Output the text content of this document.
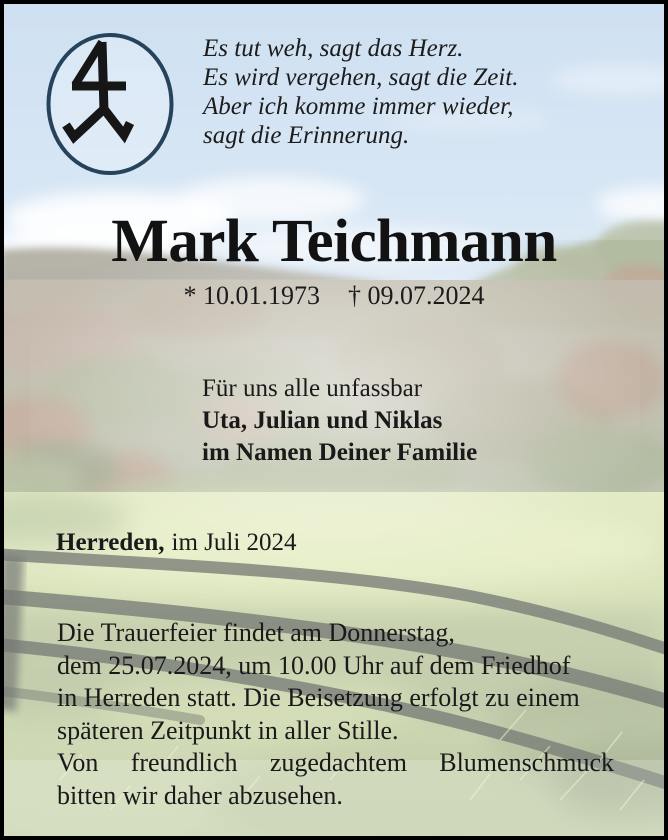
Es tut weh, sagt das Herz.
Es wird vergehen, sagt die Zeit.
Aber ich komme immer wieder,
sagt die Erinnerung.
Mark Teichmann
* 10.01.1973 † 09.07.2024
Für uns alle unfassbar
Uta, Julian und Niklas
im Namen Deiner Familie
Herreden, im Juli 2024
Die Trauerfeier findet am Donnerstag,
dem 25.07.2024, um 10.00 Uhr auf dem Friedhof
in Herreden statt. Die Beisetzung erfolgt zu einem
späteren Zeitpunkt in aller Stille.
Von freundlich zugedachtem Blumenschmuck
bitten wir daher abzusehen.
